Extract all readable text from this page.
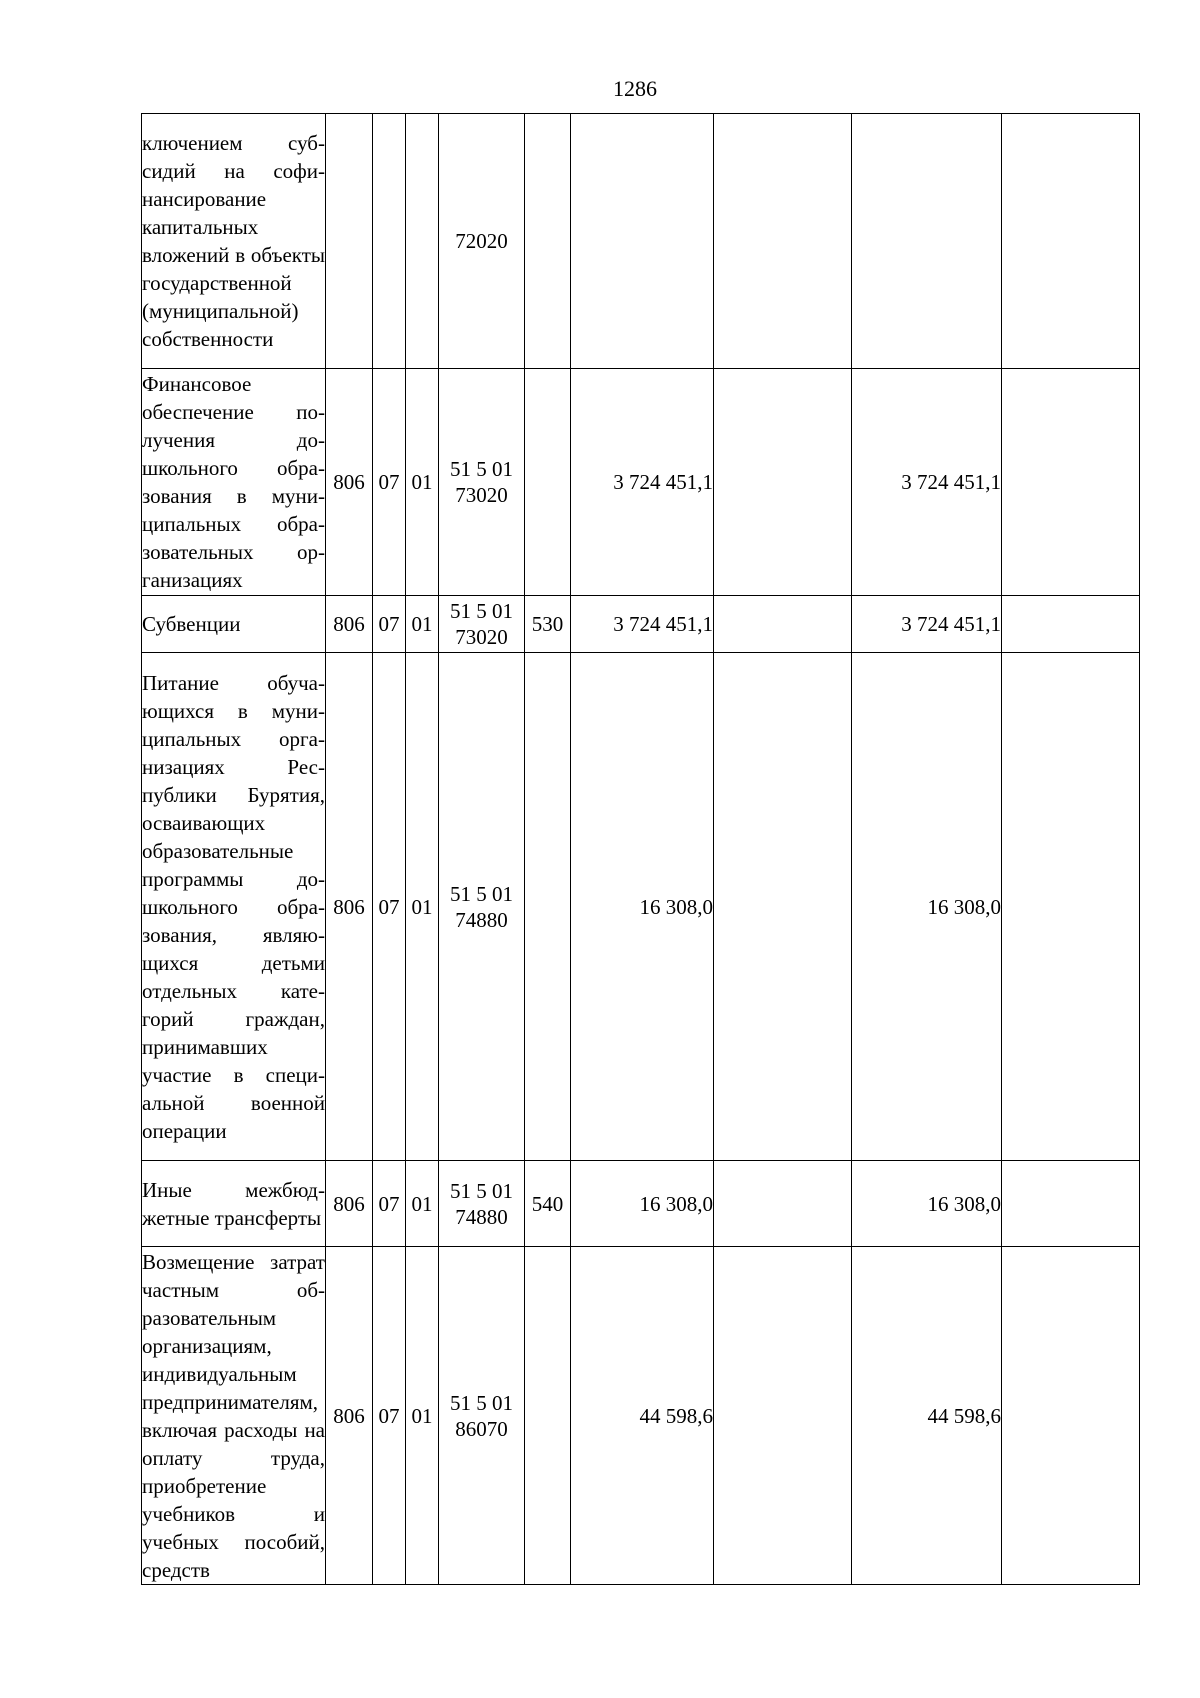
1286
ключением субсидий на софинансирование капитальных вложений в объекты государственной (муниципальной) собственности				72020					
Финансовое обеспечение получения дошкольного образования в муниципальных образовательных организациях	806	07	01	51 5 01 73020		3 724 451,1		3 724 451,1	
Субвенции	806	07	01	51 5 01 73020	530	3 724 451,1		3 724 451,1	
Питание обучающихся в муниципальных организациях Республики Бурятия, осваивающих образовательные программы дошкольного образования, являющихся детьми отдельных категорий граждан, принимавших участие в специальной военной операции	806	07	01	51 5 01 74880		16 308,0		16 308,0	
Иные межбюджетные трансферты	806	07	01	51 5 01 74880	540	16 308,0		16 308,0	
Возмещение затрат частным образовательным организациям, индивидуальным предпринимателям, включая расходы на оплату труда, приобретение учебников и учебных пособий, средств	806	07	01	51 5 01 86070		44 598,6		44 598,6	
